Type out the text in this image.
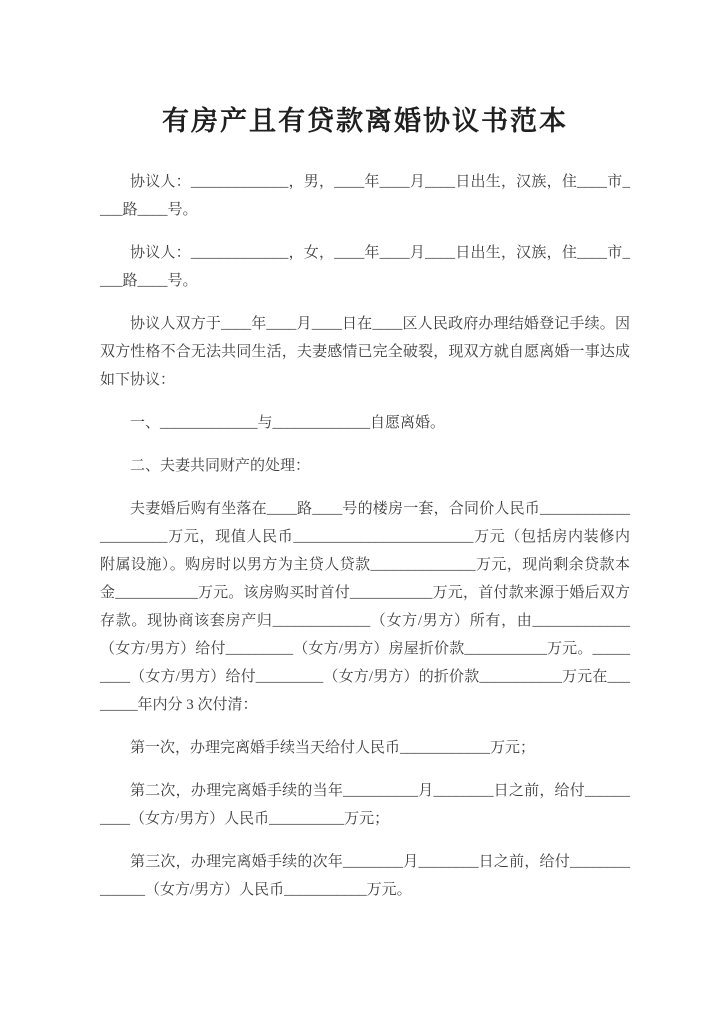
有房产且有贷款离婚协议书范本

协议人：_____________，男，____年____月____日出生，汉族，住____市____路____号。

协议人：_____________，女，____年____月____日出生，汉族，住____市____路____号。

协议人双方于____年____月____日在____区人民政府办理结婚登记手续。因双方性格不合无法共同生活，夫妻感情已完全破裂，现双方就自愿离婚一事达成如下协议：

一、_____________与_____________自愿离婚。

二、夫妻共同财产的处理：

夫妻婚后购有坐落在____路____号的楼房一套，合同价人民币_____________________万元，现值人民币________________________万元（包括房内装修内附属设施）。购房时以男方为主贷人贷款______________万元，现尚剩余贷款本金___________万元。该房购买时首付___________万元，首付款来源于婚后双方存款。现协商该套房产归_____________（女方/男方）所有，由_____________（女方/男方）给付_________（女方/男方）房屋折价款___________万元。_________（女方/男方）给付_________（女方/男方）的折价款___________万元在________年内分 3 次付清：

第一次，办理完离婚手续当天给付人民币____________万元；

第二次，办理完离婚手续的当年__________月________日之前，给付__________（女方/男方）人民币__________万元；

第三次，办理完离婚手续的次年________月________日之前，给付______________（女方/男方）人民币___________万元。
